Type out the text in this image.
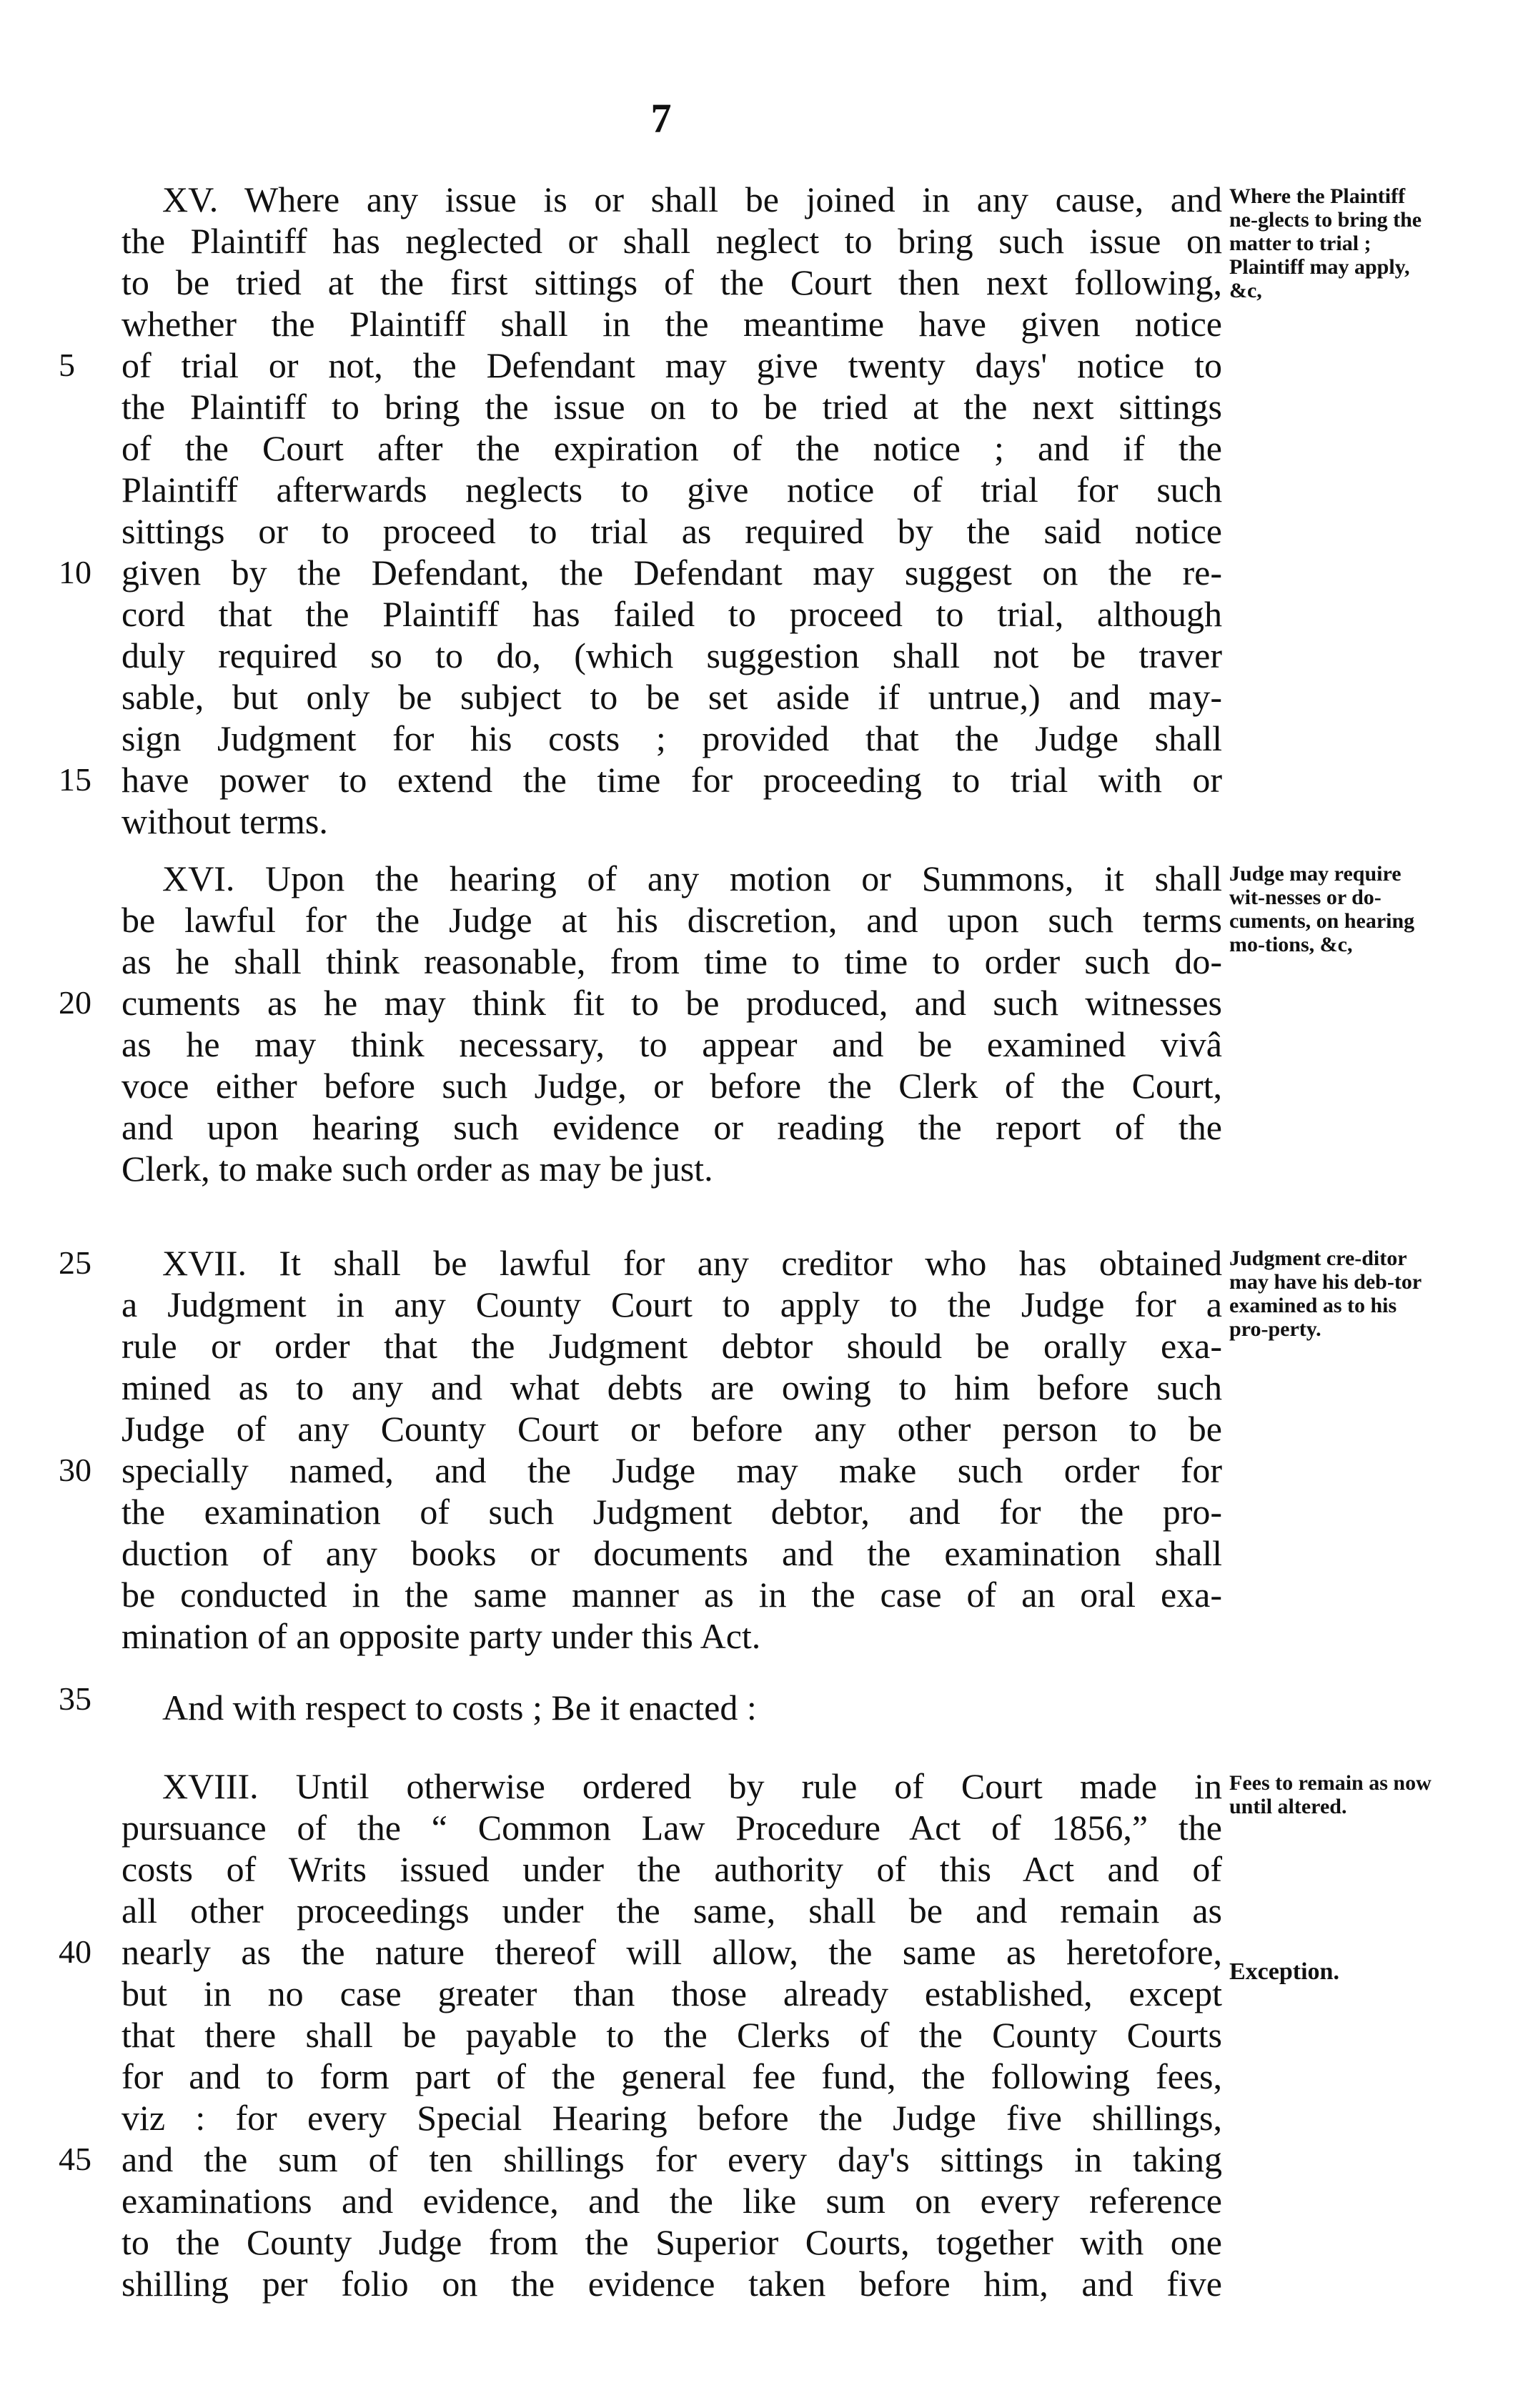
7
XV. Where any issue is or shall be joined in any cause, and
the Plaintiff has neglected or shall neglect to bring such issue on
to be tried at the first sittings of the Court then next following,
whether the Plaintiff shall in the meantime have given notice
of trial or not, the Defendant may give twenty days' notice to
the Plaintiff to bring the issue on to be tried at the next sittings
of the Court after the expiration of the notice ; and if the
Plaintiff afterwards neglects to give notice of trial for such
sittings or to proceed to trial as required by the said notice
given by the Defendant, the Defendant may suggest on the re-
cord that the Plaintiff has failed to proceed to trial, although
duly required so to do, (which suggestion shall not be traver
sable, but only be subject to be set aside if untrue,) and may-
sign Judgment for his costs ; provided that the Judge shall
have power to extend the time for proceeding to trial with or
without terms.
Where the Plaintiff ne-glects to bring the matter to trial ; Plaintiff may apply, &c,
XVI. Upon the hearing of any motion or Summons, it shall
be lawful for the Judge at his discretion, and upon such terms
as he shall think reasonable, from time to time to order such do-
cuments as he may think fit to be produced, and such witnesses
as he may think necessary, to appear and be examined vivâ
voce either before such Judge, or before the Clerk of the Court,
and upon hearing such evidence or reading the report of the
Clerk, to make such order as may be just.
Judge may require wit-nesses or do-cuments, on hearing mo-tions, &c,
XVII. It shall be lawful for any creditor who has obtained
a Judgment in any County Court to apply to the Judge for a
rule or order that the Judgment debtor should be orally exa-
mined as to any and what debts are owing to him before such
Judge of any County Court or before any other person to be
specially named, and the Judge may make such order for
the examination of such Judgment debtor, and for the pro-
duction of any books or documents and the examination shall
be conducted in the same manner as in the case of an oral exa-
mination of an opposite party under this Act.
Judgment cre-ditor may have his deb-tor examined as to his pro-perty.
And with respect to costs ; Be it enacted :
XVIII. Until otherwise ordered by rule of Court made in
pursuance of the “ Common Law Procedure Act of 1856,” the
costs of Writs issued under the authority of this Act and of
all other proceedings under the same, shall be and remain as
nearly as the nature thereof will allow, the same as heretofore,
but in no case greater than those already established, except
that there shall be payable to the Clerks of the County Courts
for and to form part of the general fee fund, the following fees,
viz : for every Special Hearing before the Judge five shillings,
and the sum of ten shillings for every day's sittings in taking
examinations and evidence, and the like sum on every reference
to the County Judge from the Superior Courts, together with one
shilling per folio on the evidence taken before him, and five
Fees to remain as now until altered.
Exception.
5
10
15
20
25
30
35
40
45
